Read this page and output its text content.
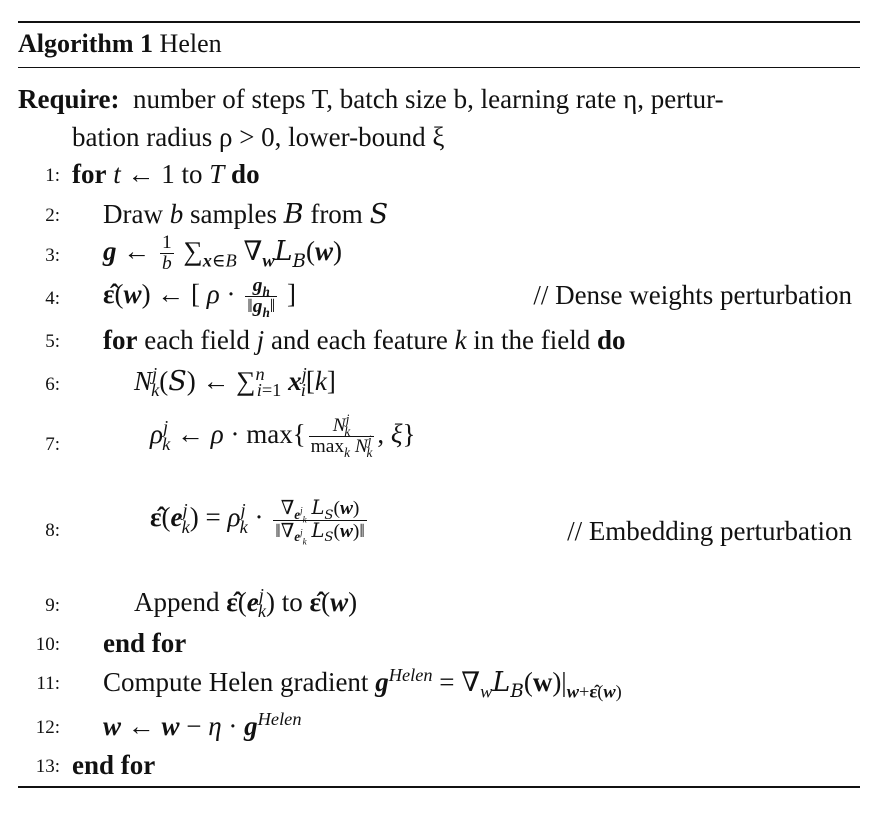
Algorithm 1 Helen
Require: number of steps T, batch size b, learning rate η, pertur-
bation radius ρ > 0, lower-bound ξ
1: for t ← 1 to T do
2: Draw b samples B from S
3: g ← $\frac{1}{b} \sum_{x\in B}$ $\nabla_wL_B(w)$
4: ε̂(w) ← [ $\rho \cdot \frac{g_h}{‖g_h‖}$ ]	// Dense weights perturbation
5: for each field j and each feature k in the field do
6:	$N^j_k(S)$ ← ∑$^n_{i=1}$ $x^j_i[k]$
7:	$\rho^j_k$ ← $\rho \cdot \max\{ \frac{N^j_k}{\max_k N^j_k}$ , ξ}
8:	$\varepsilon̂(e^j_k) = \rho^j_k \cdot \frac{\nabla_{e^j_k} L_S(w)}{‖\nabla_{e^j_k} L_S(w)‖}$	// Embedding perturbation
9:	Append $\varepsilon̂(e^j_k)$ to ε̂(w)
10: end for
11: Compute Helen gradient $g^{Helen} = \nabla_wL_B(w)|_{w+\varepsilon̂(w)}$
12: w ← $w - \eta \cdot g^{Helen}$
13: end for
